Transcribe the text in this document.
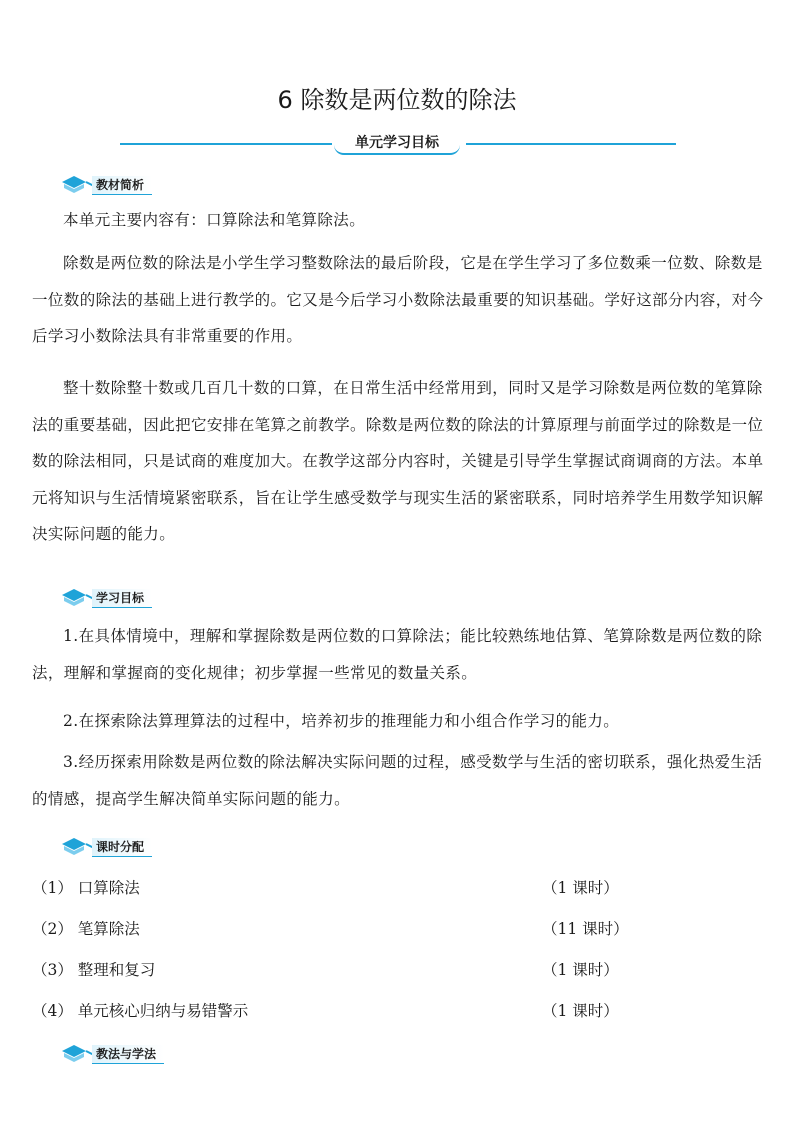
6 除数是两位数的除法
单元学习目标
教材简析

本单元主要内容有：口算除法和笔算除法。

除数是两位数的除法是小学生学习整数除法的最后阶段，它是在学生学习了多位数乘一位数、除数是一位数的除法的基础上进行教学的。它又是今后学习小数除法最重要的知识基础。学好这部分内容，对今后学习小数除法具有非常重要的作用。

整十数除整十数或几百几十数的口算，在日常生活中经常用到，同时又是学习除数是两位数的笔算除法的重要基础，因此把它安排在笔算之前教学。除数是两位数的除法的计算原理与前面学过的除数是一位数的除法相同，只是试商的难度加大。在教学这部分内容时，关键是引导学生掌握试商调商的方法。本单元将知识与生活情境紧密联系，旨在让学生感受数学与现实生活的紧密联系，同时培养学生用数学知识解决实际问题的能力。

学习目标

1.在具体情境中，理解和掌握除数是两位数的口算除法；能比较熟练地估算、笔算除数是两位数的除法，理解和掌握商的变化规律；初步掌握一些常见的数量关系。

2.在探索除法算理算法的过程中，培养初步的推理能力和小组合作学习的能力。

3.经历探索用除数是两位数的除法解决实际问题的过程，感受数学与生活的密切联系，强化热爱生活的情感，提高学生解决简单实际问题的能力。

课时分配
（1） 口算除法	（1 课时）
（2） 笔算除法	（11 课时）
（3） 整理和复习	（1 课时）
（4） 单元核心归纳与易错警示	（1 课时）
教法与学法
